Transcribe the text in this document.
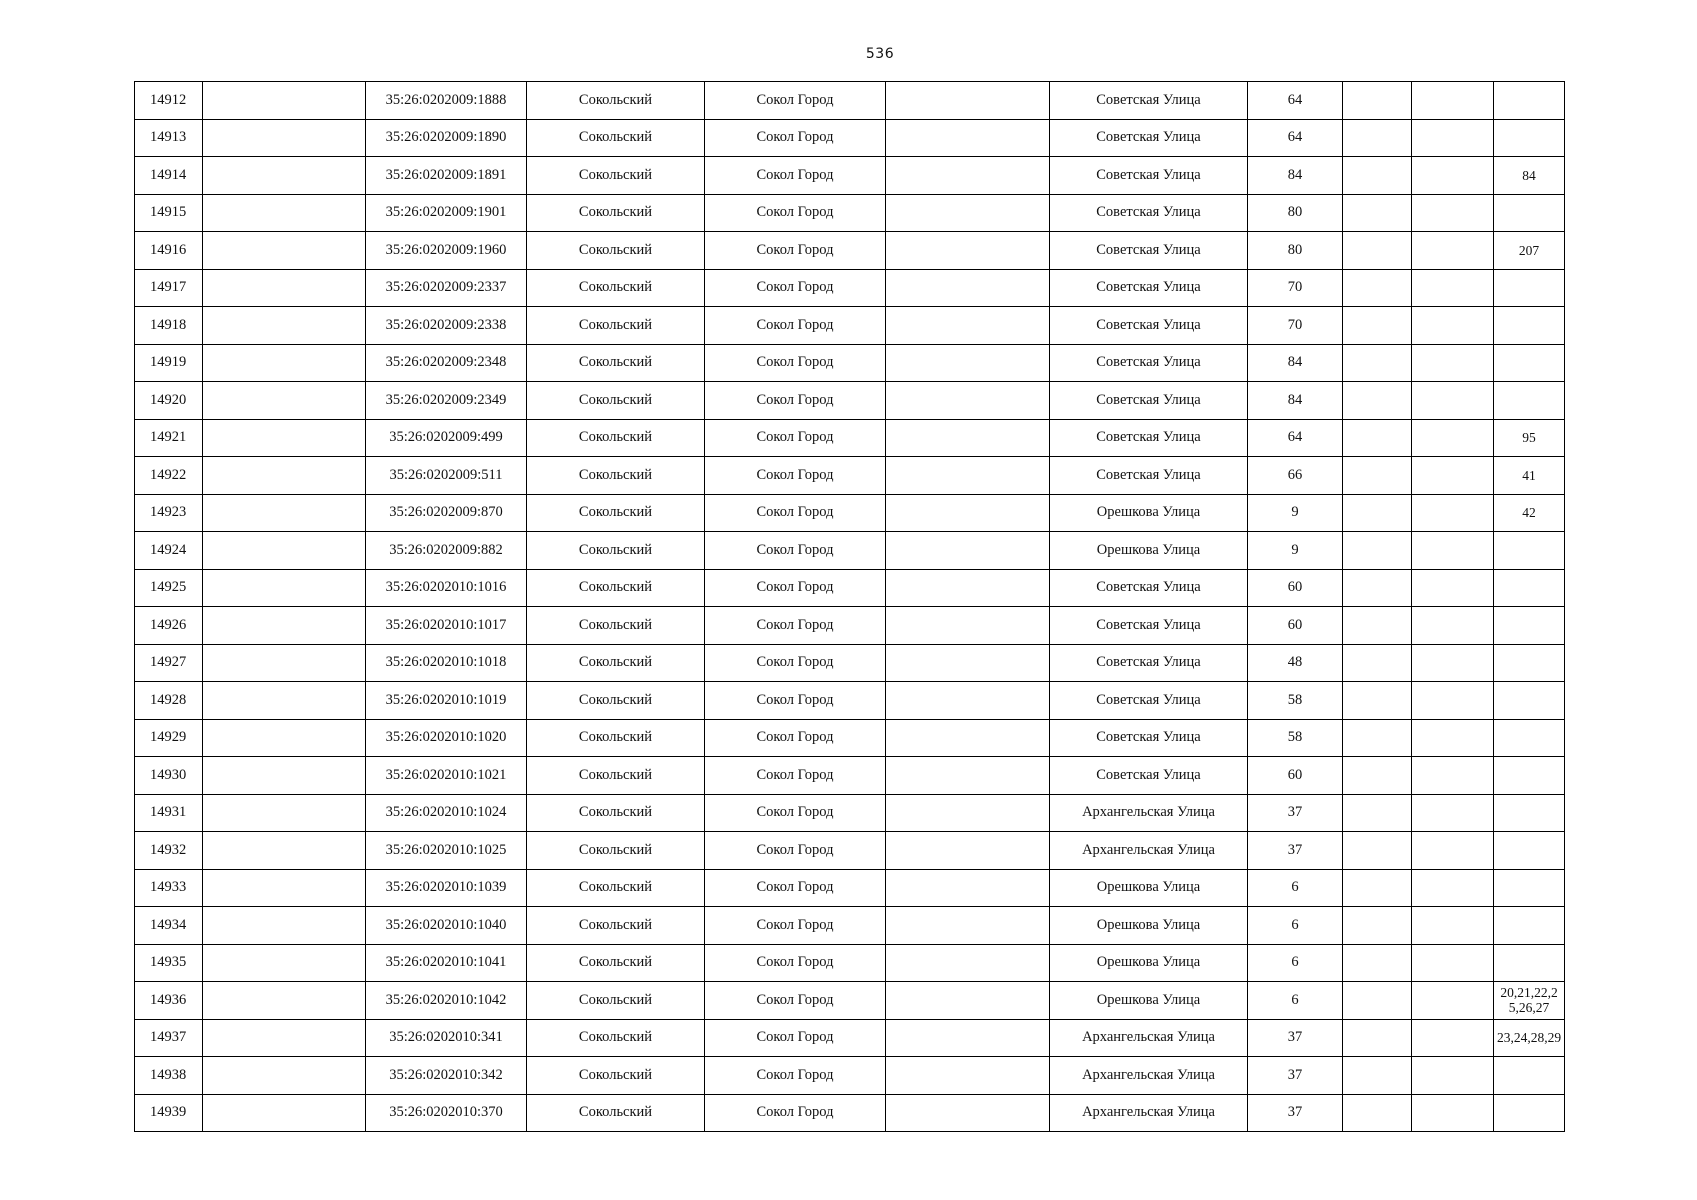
536
14912		35:26:0202009:1888	Сокольский	Сокол Город		Советская Улица	64			
14913		35:26:0202009:1890	Сокольский	Сокол Город		Советская Улица	64			
14914		35:26:0202009:1891	Сокольский	Сокол Город		Советская Улица	84			84
14915		35:26:0202009:1901	Сокольский	Сокол Город		Советская Улица	80			
14916		35:26:0202009:1960	Сокольский	Сокол Город		Советская Улица	80			207
14917		35:26:0202009:2337	Сокольский	Сокол Город		Советская Улица	70			
14918		35:26:0202009:2338	Сокольский	Сокол Город		Советская Улица	70			
14919		35:26:0202009:2348	Сокольский	Сокол Город		Советская Улица	84			
14920		35:26:0202009:2349	Сокольский	Сокол Город		Советская Улица	84			
14921		35:26:0202009:499	Сокольский	Сокол Город		Советская Улица	64			95
14922		35:26:0202009:511	Сокольский	Сокол Город		Советская Улица	66			41
14923		35:26:0202009:870	Сокольский	Сокол Город		Орешкова Улица	9			42
14924		35:26:0202009:882	Сокольский	Сокол Город		Орешкова Улица	9			
14925		35:26:0202010:1016	Сокольский	Сокол Город		Советская Улица	60			
14926		35:26:0202010:1017	Сокольский	Сокол Город		Советская Улица	60			
14927		35:26:0202010:1018	Сокольский	Сокол Город		Советская Улица	48			
14928		35:26:0202010:1019	Сокольский	Сокол Город		Советская Улица	58			
14929		35:26:0202010:1020	Сокольский	Сокол Город		Советская Улица	58			
14930		35:26:0202010:1021	Сокольский	Сокол Город		Советская Улица	60			
14931		35:26:0202010:1024	Сокольский	Сокол Город		Архангельская Улица	37			
14932		35:26:0202010:1025	Сокольский	Сокол Город		Архангельская Улица	37			
14933		35:26:0202010:1039	Сокольский	Сокол Город		Орешкова Улица	6			
14934		35:26:0202010:1040	Сокольский	Сокол Город		Орешкова Улица	6			
14935		35:26:0202010:1041	Сокольский	Сокол Город		Орешкова Улица	6			
14936		35:26:0202010:1042	Сокольский	Сокол Город		Орешкова Улица	6			20,21,22,25,26,27
14937		35:26:0202010:341	Сокольский	Сокол Город		Архангельская Улица	37			23,24,28,29
14938		35:26:0202010:342	Сокольский	Сокол Город		Архангельская Улица	37			
14939		35:26:0202010:370	Сокольский	Сокол Город		Архангельская Улица	37			
